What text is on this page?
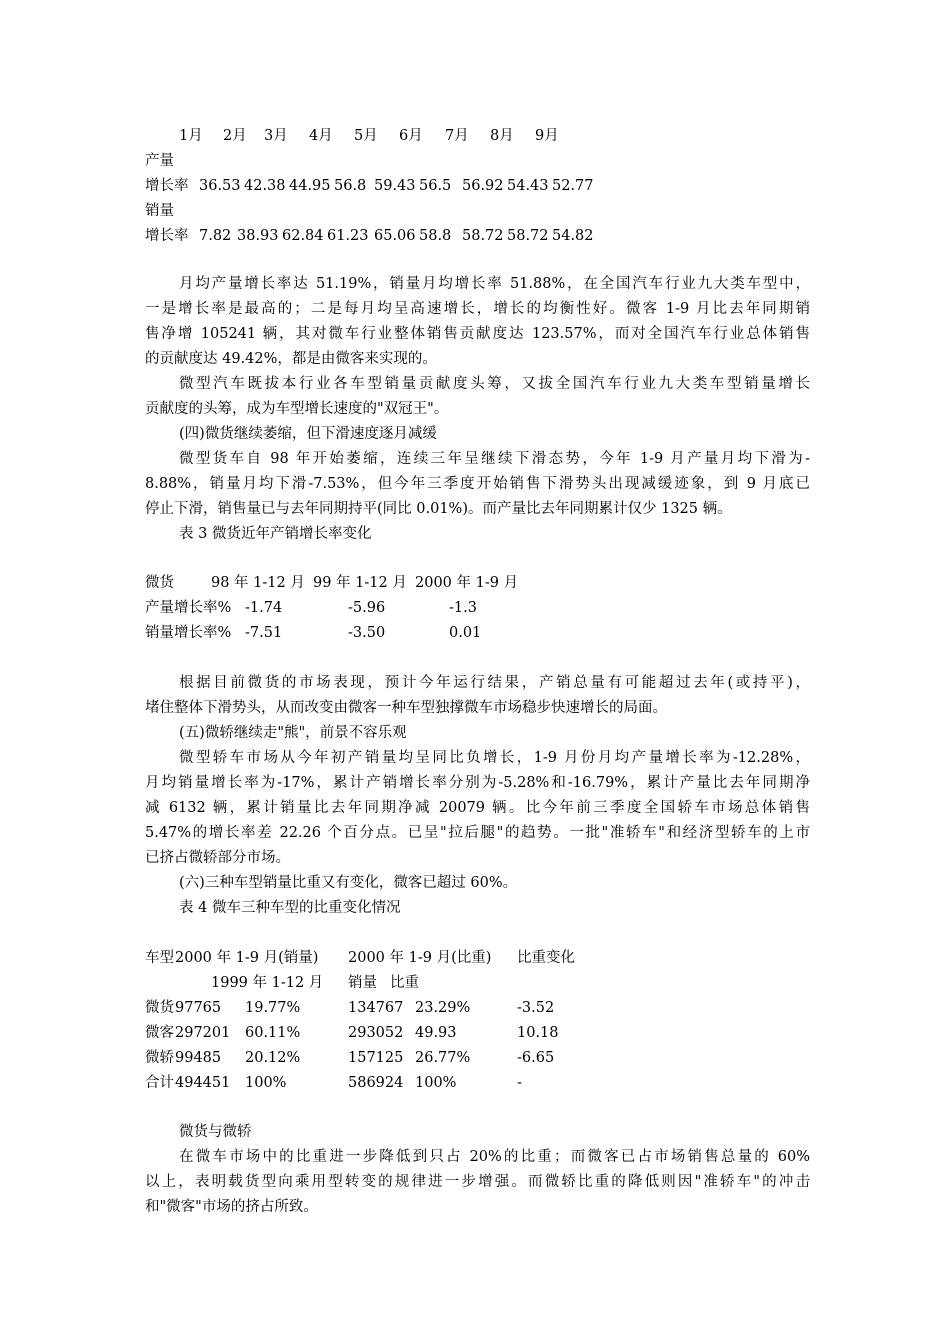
1月 2月 3月 4月 5月 6月 7月 8月 9月
产量
增长率 36.53 42.38 44.95 56.8 59.43 56.5 56.92 54.43 52.77
销量
增长率 7.82 38.93 62.84 61.23 65.06 58.8 58.72 58.72 54.82
月均产量增长率达 51.19%，销量月均增长率 51.88%，在全国汽车行业九大类车型中，
一是增长率是最高的；二是每月均呈高速增长，增长的均衡性好。微客 1-9 月比去年同期销
售净增 105241 辆，其对微车行业整体销售贡献度达 123.57%，而对全国汽车行业总体销售
的贡献度达 49.42%，都是由微客来实现的。
微型汽车既拔本行业各车型销量贡献度头筹，又拔全国汽车行业九大类车型销量增长
贡献度的头筹，成为车型增长速度的"双冠王"。
(四)微货继续萎缩，但下滑速度逐月减缓
微型货车自 98 年开始萎缩，连续三年呈继续下滑态势，今年 1-9 月产量月均下滑为-
8.88%，销量月均下滑-7.53%，但今年三季度开始销售下滑势头出现减缓迹象，到 9 月底已
停止下滑，销售量已与去年同期持平(同比 0.01%)。而产量比去年同期累计仅少 1325 辆。
表 3 微货近年产销增长率变化
微货	98 年 1-12 月 99 年 1-12 月 2000 年 1-9 月
产量增长率% -1.74	-5.96	-1.3
销量增长率% -7.51	-3.50	0.01
根据目前微货的市场表现，预计今年运行结果，产销总量有可能超过去年(或持平)，
堵住整体下滑势头，从而改变由微客一种车型独撑微车市场稳步快速增长的局面。
(五)微轿继续走"熊"，前景不容乐观
微型轿车市场从今年初产销量均呈同比负增长，1-9 月份月均产量增长率为-12.28%，
月均销量增长率为-17%，累计产销增长率分别为-5.28%和-16.79%，累计产量比去年同期净
减 6132 辆，累计销量比去年同期净减 20079 辆。比今年前三季度全国轿车市场总体销售
5.47%的增长率差 22.26 个百分点。已呈"拉后腿"的趋势。一批"准轿车"和经济型轿车的上市
已挤占微轿部分市场。
(六)三种车型销量比重又有变化，微客已超过 60%。
表 4 微车三种车型的比重变化情况
车型 2000 年 1-9 月(销量) 2000 年 1-9 月(比重) 比重变化
1999 年 1-12 月 销量 比重
微货 97765 19.77%	134767 23.29%	-3.52
微客 297201 60.11%	293052 49.93	10.18
微轿 99485 20.12%	157125 26.77%	-6.65
合计 494451 100%	586924 100%	-
微货与微轿
在微车市场中的比重进一步降低到只占 20%的比重；而微客已占市场销售总量的 60%
以上，表明载货型向乘用型转变的规律进一步增强。而微轿比重的降低则因"准轿车"的冲击
和"微客"市场的挤占所致。
